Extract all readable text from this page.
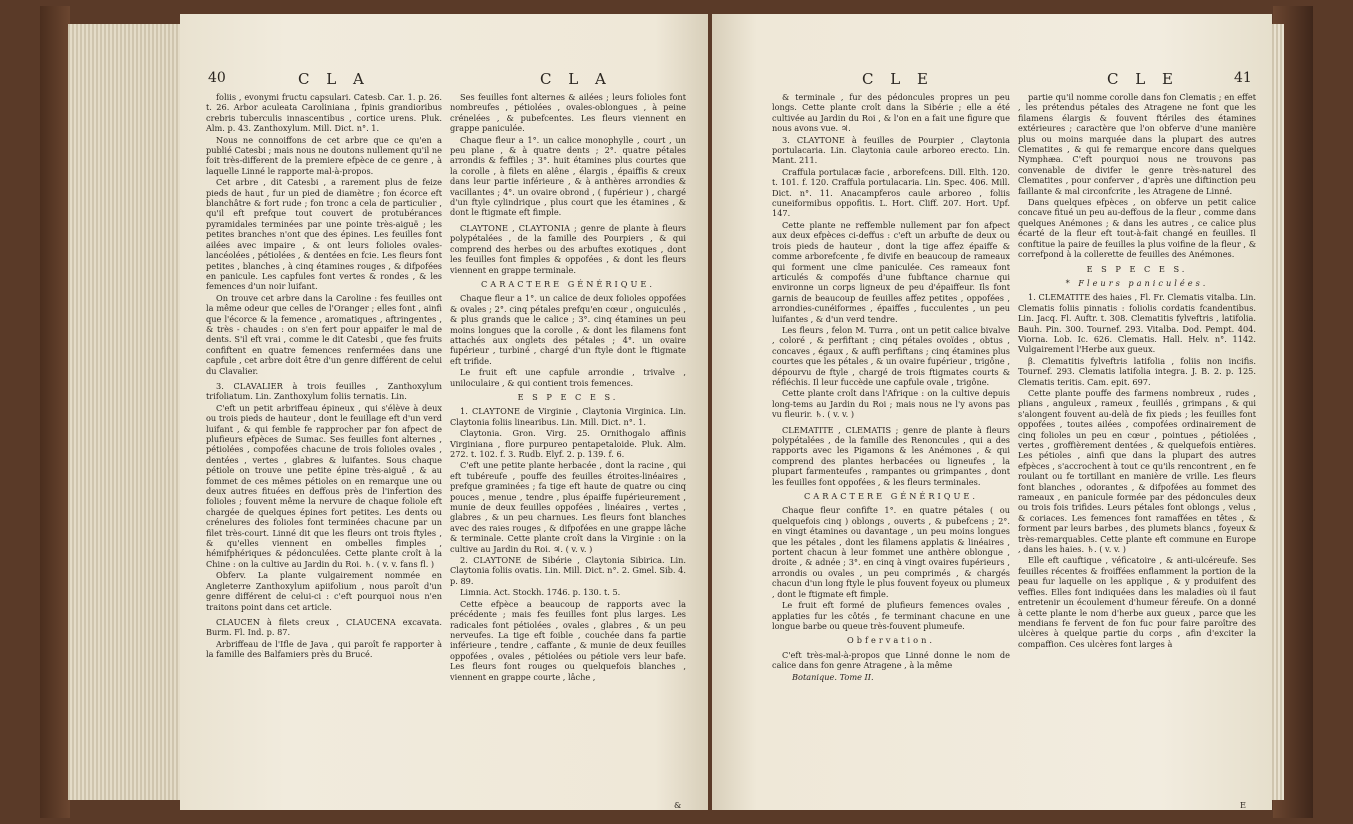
40	C L A	C L A

foliis , evonymi fructu capsulari. Catesb. Car. 1. p. 26. t. 26. Arbor aculeata Caroliniana , fpinis grandioribus crebris tuberculis innascentibus , cortice urens. Pluk. Alm. p. 43. Zanthoxylum. Mill. Dict. n°. 1.

Nous ne connoiffons de cet arbre que ce qu'en a publié Catesbi ; mais nous ne doutons nullement qu'il ne foit très-different de la premiere efpèce de ce genre , à laquelle Linné le rapporte mal-à-propos.

Cet arbre , dit Catesbi , a rarement plus de feize pieds de haut , fur un pied de diamètre ; fon écorce eft blanchâtre & fort rude ; fon tronc a cela de particulier , qu'il eft prefque tout couvert de protubérances pyramidales terminées par une pointe très-aiguë ; les petites branches n'ont que des épines. Les feuilles font ailées avec impaire , & ont leurs folioles ovales-lancéolées , pétiolées , & dentées en fcie. Les fleurs font petites , blanches , à cinq étamines rouges , & difpofées en panicule. Les capfules font vertes & rondes , & les femences d'un noir luifant.

On trouve cet arbre dans la Caroline : fes feuilles ont la même odeur que celles de l'Oranger ; elles font , ainfi que l'écorce & la femence , aromatiques , aftringentes , & très - chaudes : on s'en fert pour appaifer le mal de dents. S'il eft vrai , comme le dit Catesbi , que fes fruits confiftent en quatre femences renfermées dans une capfule , cet arbre doit être d'un genre différent de celui du Clavalier.

3. CLAVALIER à trois feuilles , Zanthoxylum trifoliatum. Lin. Zanthoxylum foliis ternatis. Lin.

C'eft un petit arbriffeau épineux , qui s'élève à deux ou trois pieds de hauteur , dont le feuillage eft d'un verd luifant , & qui femble fe rapprocher par fon afpect de plufieurs efpèces de Sumac. Ses feuilles font alternes , pétiolées , compofées chacune de trois folioles ovales , dentées , vertes , glabres & luifantes. Sous chaque pétiole on trouve une petite épine très-aiguë , & au fommet de ces mêmes pétioles on en remarque une ou deux autres fituées en deffous près de l'infertion des folioles ; fouvent même la nervure de chaque foliole eft chargée de quelques épines fort petites. Les dents ou crénelures des folioles font terminées chacune par un filet très-court. Linné dit que les fleurs ont trois ftyles , & qu'elles viennent en ombelles fimples , hémifphériques & pédonculées. Cette plante croît à la Chine : on la cultive au Jardin du Roi. ♄. ( v. v. fans fl. )

Obferv. La plante vulgairement nommée en Angleterre Zanthoxylum apiifolium , nous paroît d'un genre différent de celui-ci : c'eft pourquoi nous n'en traitons point dans cet article.

CLAUCEN à filets creux , CLAUCENA excavata. Burm. Fl. Ind. p. 87.

Arbriffeau de l'Ifle de Java , qui paroît fe rapporter à la famille des Balfamiers près du Brucé.

Ses feuilles font alternes & ailées ; leurs folioles font nombreufes , pétiolées , ovales-oblongues , à peine crénelées , & pubefcentes. Les fleurs viennent en grappe paniculée.

Chaque fleur a 1°. un calice monophylle , court , un peu plane , & à quatre dents ; 2°. quatre pétales arrondis & feffiles ; 3°. huit étamines plus courtes que la corolle , à filets en alêne , élargis , épaiffis & creux dans leur partie inférieure , & à anthères arrondies & vacillantes ; 4°. un ovaire obrond , ( fupérieur ) , chargé d'un ftyle cylindrique , plus court que les étamines , & dont le ftigmate eft fimple.

CLAYTONE , CLAYTONIA ; genre de plante à fleurs polypétalées , de la famille des Pourpiers , & qui comprend des herbes ou des arbuftes exotiques , dont les feuilles font fimples & oppofées , & dont les fleurs viennent en grappe terminale.

CARACTERE GÉNÉRIQUE.

Chaque fleur a 1°. un calice de deux folioles oppofées & ovales ; 2°. cinq pétales prefqu'en cœur , onguiculés , & plus grands que le calice ; 3°. cinq étamines un peu moins longues que la corolle , & dont les filamens font attachés aux onglets des pétales ; 4°. un ovaire fupérieur , turbiné , chargé d'un ftyle dont le ftigmate eft trifide.

Le fruit eft une capfule arrondie , trivalve , uniloculaire , & qui contient trois femences.

E S P E C E S.

1. CLAYTONE de Virginie , Claytonia Virginica. Lin. Claytonia foliis linearibus. Lin. Mill. Dict. n°. 1.

Claytonia. Gron. Virg. 25. Ornithogalo affinis Virginiana , flore purpureo pentapetaloide. Pluk. Alm. 272. t. 102. f. 3. Rudb. Elyf. 2. p. 139. f. 6.

C'eft une petite plante herbacée , dont la racine , qui eft tubéreufe , pouffe des feuilles étroites-linéaires , prefque graminées ; fa tige eft haute de quatre ou cinq pouces , menue , tendre , plus épaiffe fupérieurement , munie de deux feuilles oppofées , linéaires , vertes , glabres , & un peu charnues. Les fleurs font blanches avec des raies rouges , & difpofées en une grappe lâche & terminale. Cette plante croît dans la Virginie : on la cultive au Jardin du Roi. ♃. ( v. v. )

2. CLAYTONE de Sibérie , Claytonia Sibirica. Lin. Claytonia foliis ovatis. Lin. Mill. Dict. n°. 2. Gmel. Sib. 4. p. 89.

Limnia. Act. Stockh. 1746. p. 130. t. 5.

Cette efpèce a beaucoup de rapports avec la précédente ; mais fes feuilles font plus larges. Les radicales font pétiolées , ovales , glabres , & un peu nerveufes. La tige eft foible , couchée dans fa partie inférieure , tendre , caffante , & munie de deux feuilles oppofées , ovales , pétiolées ou pétiole vers leur bafe. Les fleurs font rouges ou quelquefois blanches , viennent en grappe courte , lâche ,

&
C L E	C L E	41

& terminale , fur des pédoncules propres un peu longs. Cette plante croît dans la Sibérie ; elle a été cultivée au Jardin du Roi , & l'on en a fait une figure que nous avons vue. ♃.

3. CLAYTONE à feuilles de Pourpier , Claytonia portulacaria. Lin. Claytonia caule arboreo erecto. Lin. Mant. 211.

Craffula portulacæ facie , arborefcens. Dill. Elth. 120. t. 101. f. 120. Craffula portulacaria. Lin. Spec. 406. Mill. Dict. n°. 11. Anacampferos caule arboreo , foliis cuneiformibus oppofitis. L. Hort. Cliff. 207. Hort. Upf. 147.

Cette plante ne reffemble nullement par fon afpect aux deux efpèces ci-deffus : c'eft un arbufte de deux ou trois pieds de hauteur , dont la tige affez épaiffe & comme arborefcente , fe divife en beaucoup de rameaux qui forment une cîme paniculée. Ces rameaux font articulés & compofés d'une fubftance charnue qui environne un corps ligneux de peu d'épaiffeur. Ils font garnis de beaucoup de feuilles affez petites , oppofées , arrondies-cunéiformes , épaiffes , fucculentes , un peu luifantes , & d'un verd tendre.

Les fleurs , felon M. Turra , ont un petit calice bivalve , coloré , & perfiftant ; cinq pétales ovoïdes , obtus , concaves , égaux , & auffi perfiftans ; cinq étamines plus courtes que les pétales , & un ovaire fupérieur , trigône , dépourvu de ftyle , chargé de trois ftigmates courts & réfléchis. Il leur fuccède une capfule ovale , trigône.

Cette plante croît dans l'Afrique : on la cultive depuis long-tems au Jardin du Roi ; mais nous ne l'y avons pas vu fleurir. ♄. ( v. v. )

CLEMATITE , CLEMATIS ; genre de plante à fleurs polypétalées , de la famille des Renoncules , qui a des rapports avec les Pigamons & les Anémones , & qui comprend des plantes herbacées ou ligneufes , la plupart farmenteufes , rampantes ou grimpantes , dont les feuilles font oppofées , & les fleurs terminales.

CARACTERE GÉNÉRIQUE.

Chaque fleur confifte 1°. en quatre pétales ( ou quelquefois cinq ) oblongs , ouverts , & pubefcens ; 2°. en vingt étamines ou davantage , un peu moins longues que les pétales , dont les filamens applatis & linéaires , portent chacun à leur fommet une anthère oblongue , droite , & adnée ; 3°. en cinq à vingt ovaires fupérieurs , arrondis ou ovales , un peu comprimés , & chargés chacun d'un long ftyle le plus fouvent foyeux ou plumeux , dont le ftigmate eft fimple.

Le fruit eft formé de plufieurs femences ovales , applaties fur les côtés , fe terminant chacune en une longue barbe ou queue très-fouvent plumeufe.

Obfervation.

C'eft très-mal-à-propos que Linné donne le nom de calice dans fon genre Atragene , à la même

Botanique. Tome II.

partie qu'il nomme corolle dans fon Clematis ; en effet , les prétendus pétales des Atragene ne font que les filamens élargis & fouvent ftériles des étamines extérieures ; caractère que l'on obferve d'une manière plus ou moins marquée dans la plupart des autres Clematites , & qui fe remarque encore dans quelques Nymphæa. C'eft pourquoi nous ne trouvons pas convenable de divifer le genre très-naturel des Clematites , pour conferver , d'après une diftinction peu faillante & mal circonfcrite , les Atragene de Linné.

Dans quelques efpèces , on obferve un petit calice concave fitué un peu au-deffous de la fleur , comme dans quelques Anémones ; & dans les autres , ce calice plus écarté de la fleur eft tout-à-fait changé en feuilles. Il conftitue la paire de feuilles la plus voifine de la fleur , & correfpond à la collerette de feuilles des Anémones.

E S P E C E S.

* Fleurs paniculées.

1. CLEMATITE des haies , Fl. Fr. Clematis vitalba. Lin. Clematis foliis pinnatis : foliolis cordatis fcandentibus. Lin. Jacq. Fl. Auftr. t. 308. Clematitis fylveftris , latifolia. Bauh. Pin. 300. Tournef. 293. Vitalba. Dod. Pempt. 404. Viorna. Lob. Ic. 626. Clematis. Hall. Helv. n°. 1142. Vulgairement l'Herbe aux gueux.

β. Clematitis fylveftris latifolia , foliis non incifis. Tournef. 293. Clematis latifolia integra. J. B. 2. p. 125. Clematis teritis. Cam. epit. 697.

Cette plante pouffe des farmens nombreux , rudes , plians , anguleux , rameux , feuillés , grimpans , & qui s'alongent fouvent au-delà de fix pieds ; les feuilles font oppofées , toutes ailées , compofées ordinairement de cinq folioles un peu en cœur , pointues , pétiolées , vertes , groffièrement dentées , & quelquefois entières. Les pétioles , ainfi que dans la plupart des autres efpèces , s'accrochent à tout ce qu'ils rencontrent , en fe roulant ou fe tortillant en manière de vrille. Les fleurs font blanches , odorantes , & difpofées au fommet des rameaux , en panicule formée par des pédoncules deux ou trois fois trifides. Leurs pétales font oblongs , velus , & coriaces. Les femences font ramaffées en têtes , & forment par leurs barbes , des plumets blancs , foyeux & très-remarquables. Cette plante eft commune en Europe , dans les haies. ♄. ( v. v. )

Elle eft cauftique , véficatoire , & anti-ulcéreufe. Ses feuilles récentes & froiffées enflamment la portion de la peau fur laquelle on les applique , & y produifent des veffies. Elles font indiquées dans les maladies où il faut entretenir un écoulement d'humeur féreufe. On a donné à cette plante le nom d'herbe aux gueux , parce que les mendians fe fervent de fon fuc pour faire paroître des ulcères à quelque partie du corps , afin d'exciter la compaffion. Ces ulcères font larges à

E
